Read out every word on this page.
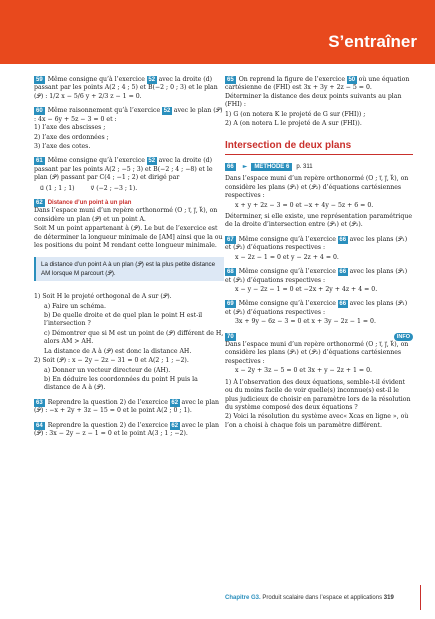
S’entraîner
59 Même consigne qu’à l’exercice 52 avec la droite (d) passant par les points A(2 ; 4 ; 5) et B(−2 ; 0 ; 3) et le plan (𝒫) : 1/2 x − 5/6 y + 2/3 z − 1 = 0.
60 Même raisonnement qu’à l’exercice 52 avec le plan (𝒫) : 4x − 6y + 5z − 3 = 0 et :
1) l’axe des abscisses ;
2) l’axe des ordonnées ;
3) l’axe des cotes.
61 Même consigne qu’à l’exercice 52 avec la droite (d) passant par les points A(2 ; −5 ; 3) et B(−2 ; 4 ; −8) et le plan (𝒫) passant par C(4 ; −1 ; 2) et dirigé par
u⃗ (1 ; 1 ; 1)	v⃗ (−2 ; −3 ; 1).
62 Distance d’un point à un plan
Dans l’espace muni d’un repère orthonormé (O ; i⃗, j⃗, k⃗), on considère un plan (𝒫) et un point A.
Soit M un point appartenant à (𝒫). Le but de l’exercice est de déterminer la longueur minimale de [AM] ainsi que la ou les positions du point M rendant cette longueur minimale.
La distance d’un point A à un plan (𝒫) est la plus petite distance AM lorsque M parcourt (𝒫).
1) Soit H le projeté orthogonal de A sur (𝒫).
a) Faire un schéma.
b) De quelle droite et de quel plan le point H est-il l’intersection ?
c) Démontrer que si M est un point de (𝒫) différent de H, alors AM > AH.
La distance de A à (𝒫) est donc la distance AH.
2) Soit (𝒫) : x − 2y − 2z − 31 = 0 et A(2 ; 1 ; −2).
a) Donner un vecteur directeur de (AH).
b) En déduire les coordonnées du point H puis la distance de A à (𝒫).
63 Reprendre la question 2) de l’exercice 62 avec le plan (𝒫) : −x + 2y + 3z − 15 = 0 et le point A(2 ; 0 ; 1).
64 Reprendre la question 2) de l’exercice 62 avec le plan (𝒫) : 3x − 2y − z − 1 = 0 et le point A(3 ; 1 ; −2).
65 On reprend la figure de l’exercice 50 où une équation cartésienne de (FHI) est 3x + 3y + 2z − 5 = 0.
Déterminer la distance des deux points suivants au plan (FHI) :
1) G (on notera K le projeté de G sur (FHI)) ;
2) A (on notera L le projeté de A sur (FHI)).
Intersection de deux plans
66	►	MÉTHODE 6	p. 311
Dans l’espace muni d’un repère orthonormé (O ; i⃗, j⃗, k⃗), on considère les plans (𝒫₁) et (𝒫₂) d’équations cartésiennes respectives :
x + y + 2z − 3 = 0 et −x + 4y − 5z + 6 = 0.
Déterminer, si elle existe, une représentation paramétrique de la droite d’intersection entre (𝒫₁) et (𝒫₂).
67 Même consigne qu’à l’exercice 66 avec les plans (𝒫₁) et (𝒫₂) d’équations respectives :
x − 2z − 1 = 0 et y − 2z + 4 = 0.
68 Même consigne qu’à l’exercice 66 avec les plans (𝒫₁) et (𝒫₂) d’équations respectives :
x − y − 2z − 1 = 0 et −2x + 2y + 4z + 4 = 0.
69 Même consigne qu’à l’exercice 66 avec les plans (𝒫₁) et (𝒫₂) d’équations respectives :
3x + 9y − 6z − 3 = 0 et x + 3y − 2z − 1 = 0.
70	INFO
Dans l’espace muni d’un repère orthonormé (O ; i⃗, j⃗, k⃗), on considère les plans (𝒫₁) et (𝒫₂) d’équations cartésiennes respectives :
x − 2y + 3z − 5 = 0 et 3x + y − 2z + 1 = 0.
1) À l’observation des deux équations, semble-t-il évident ou du moins facile de voir quelle(s) inconnue(s) est-il le plus judicieux de choisir en paramètre lors de la résolution du système composé des deux équations ?
2) Voici la résolution du système avec« Xcas en ligne », où l’on a choisi à chaque fois un paramètre différent.
Chapitre G3. Produit scalaire dans l’espace et applications 319
